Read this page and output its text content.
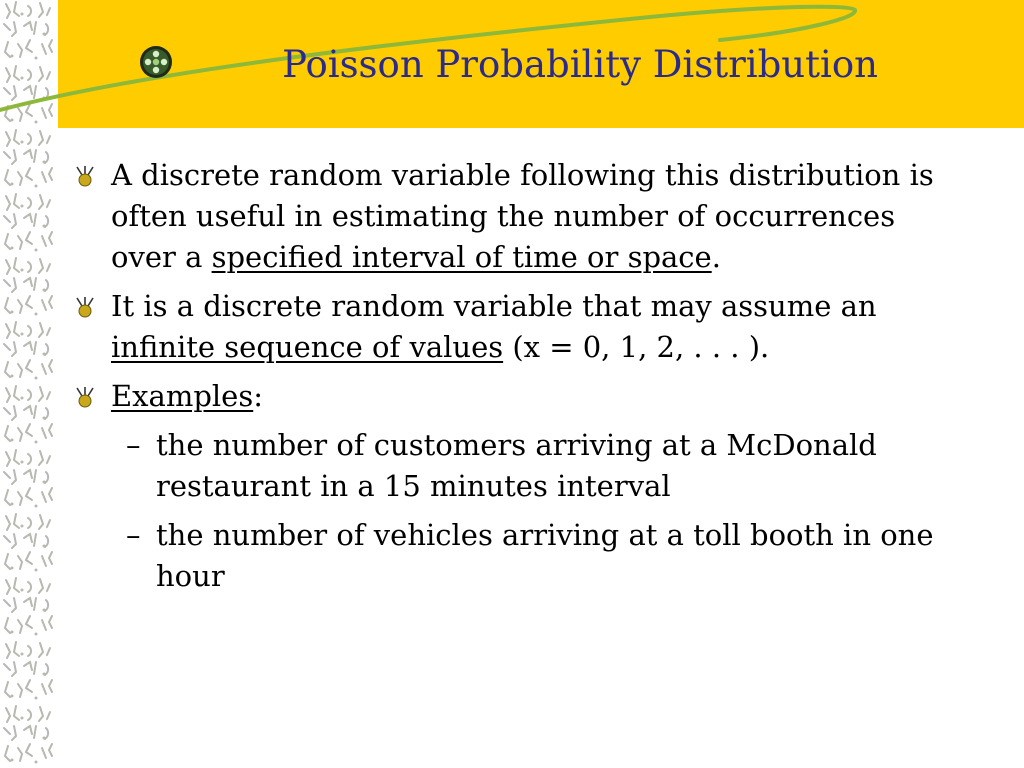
Poisson Probability Distribution
A discrete random variable following this distribution is often useful in estimating the number of occurrences over a specified interval of time or space.
It is a discrete random variable that may assume an infinite sequence of values (x = 0, 1, 2, . . . ).
Examples:
– the number of customers arriving at a McDonald restaurant in a 15 minutes interval
– the number of vehicles arriving at a toll booth in one hour
